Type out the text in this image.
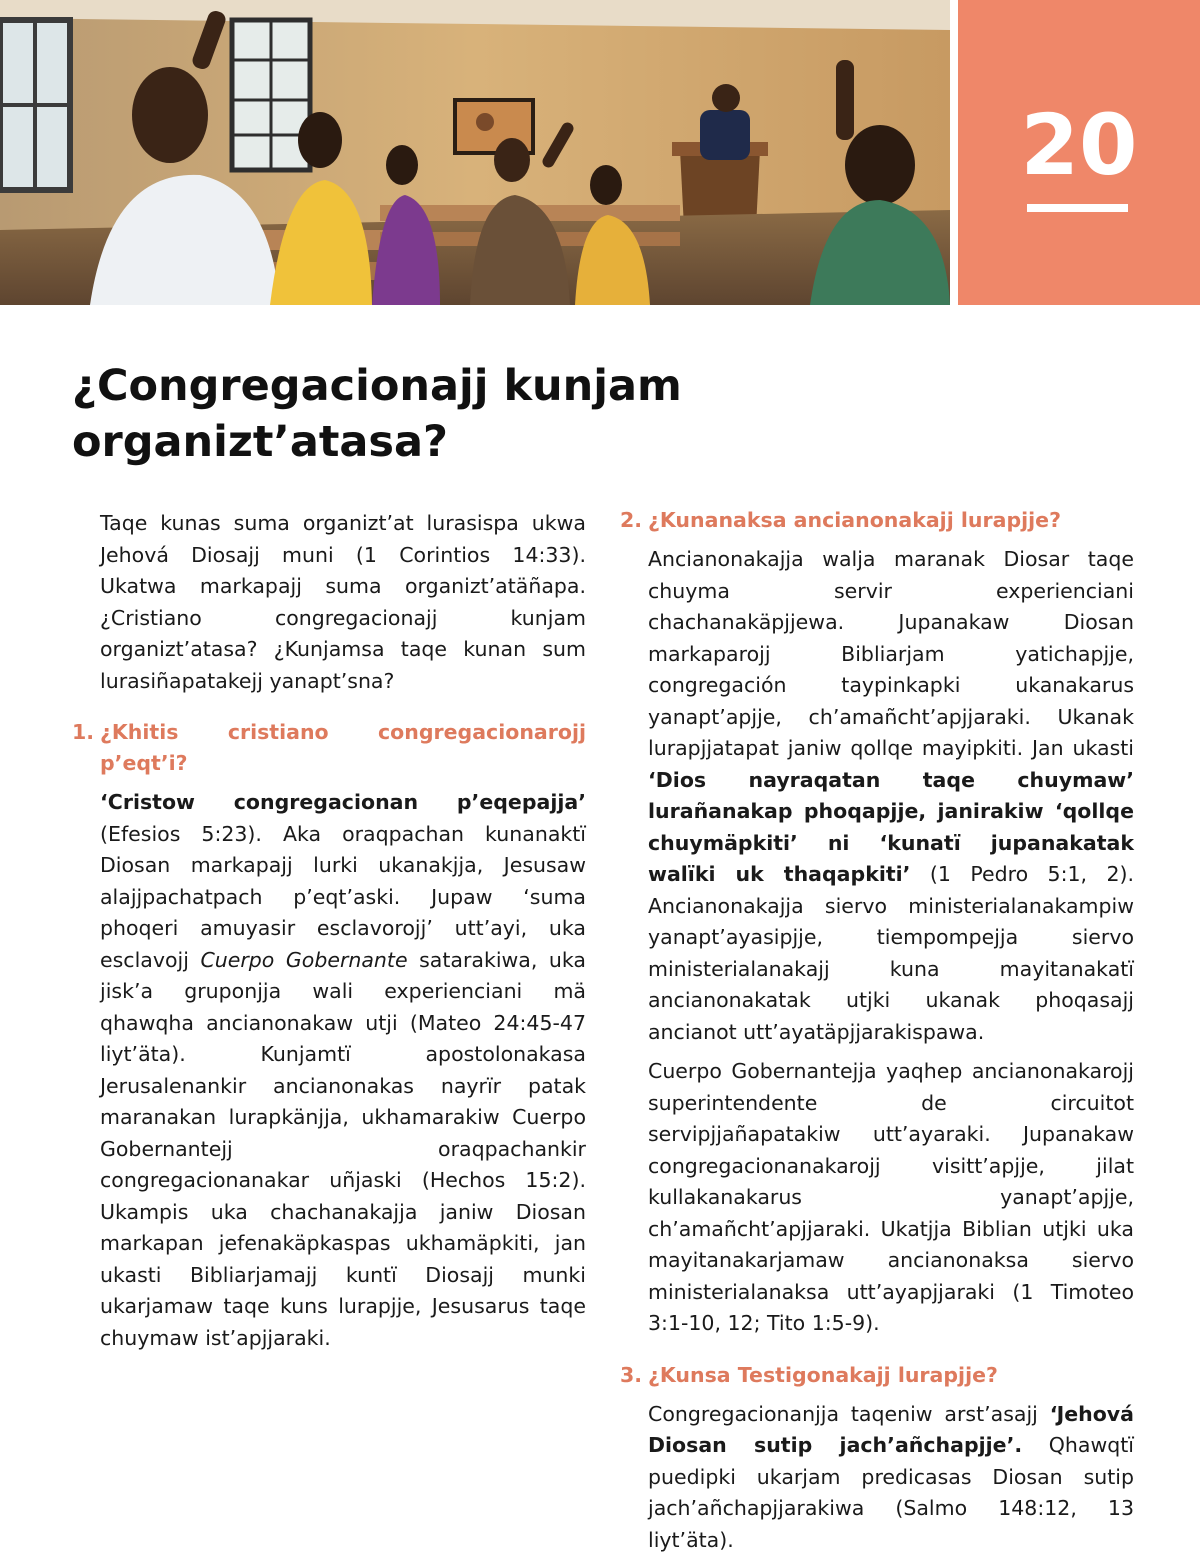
20
¿Congregacionajj kunjam organizt’atasa?

Taqe kunas suma organizt’at lurasispa ukwa Jehová Diosajj muni (1 Corintios 14:33). Ukatwa markapajj suma organizt’atäñapa. ¿Cristiano congregacionajj kunjam organizt’atasa? ¿Kunjamsa taqe kunan sum lurasiñapatakejj yanapt’sna?

1. ¿Khitis cristiano congregacionarojj p’eqt’i?

‘Cristow congregacionan p’eqepajja’ (Efesios 5:23). Aka oraqpachan kunanaktï Diosan markapajj lurki ukanakjja, Jesusaw alajjpachatpach p’eqt’aski. Jupaw ‘suma phoqeri amuyasir esclavorojj’ utt’ayi, uka esclavojj Cuerpo Gobernante satarakiwa, uka jisk’a gruponjja wali experienciani mä qhawqha ancianonakaw utji (Mateo 24:45-47 liyt’äta). Kunjamtï apostolonakasa Jerusalenankir ancianonakas nayrïr patak maranakan lurapkänjja, ukhamarakiw Cuerpo Gobernantejj oraqpachankir congregacionanakar uñjaski (Hechos 15:2). Ukampis uka chachanakajja janiw Diosan markapan jefenakäpkaspas ukhamäpkiti, jan ukasti Bibliarjamajj kuntï Diosajj munki ukarjamaw taqe kuns lurapjje, Jesusarus taqe chuymaw ist’apjjaraki.

2. ¿Kunanaksa ancianonakajj lurapjje?

Ancianonakajja walja maranak Diosar taqe chuyma servir experienciani chachanakäpjjewa. Jupanakaw Diosan markaparojj Bibliarjam yatichapjje, congregación taypinkapki ukanakarus yanapt’apjje, ch’amañcht’apjjaraki. Ukanak lurapjjatapat janiw qollqe mayipkiti. Jan ukasti ‘Dios nayraqatan taqe chuymaw’ lurañanakap phoqapjje, janirakiw ‘qollqe chuymäpkiti’ ni ‘kunatï jupanakatak walïki uk thaqapkiti’ (1 Pedro 5:1, 2). Ancianonakajja siervo ministerialanakampiw yanapt’ayasipjje, tiempompejja siervo ministerialanakajj kuna mayitanakatï ancianonakatak utjki ukanak phoqasajj ancianot utt’ayatäpjjarakispawa.

Cuerpo Gobernantejja yaqhep ancianonakarojj superintendente de circuitot servipjjañapatakiw utt’ayaraki. Jupanakaw congregacionanakarojj visitt’apjje, jilat kullakanakarus yanapt’apjje, ch’amañcht’apjjaraki. Ukatjja Biblian utjki uka mayitanakarjamaw ancianonaksa siervo ministerialanaksa utt’ayapjjaraki (1 Timoteo 3:1-10, 12; Tito 1:5-9).

3. ¿Kunsa Testigonakajj lurapjje?

Congregacionanjja taqeniw arst’asajj ‘Jehová Diosan sutip jach’añchapjje’. Qhawqtï puedipki ukarjam predicasas Diosan sutip jach’añchapjjarakiwa (Salmo 148:12, 13 liyt’äta).
